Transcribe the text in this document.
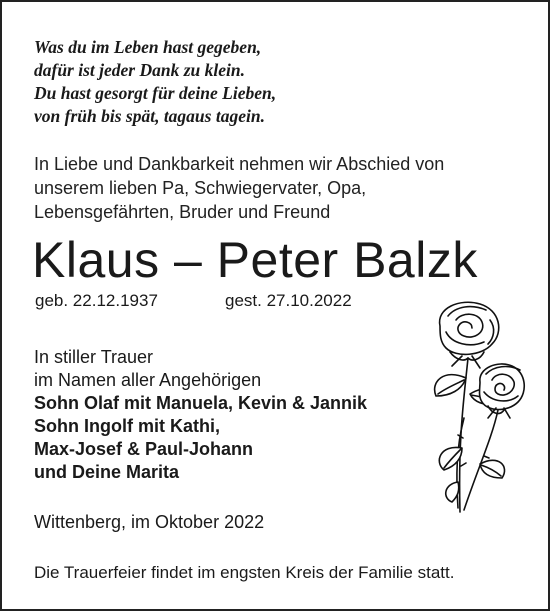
Was du im Leben hast gegeben,
dafür ist jeder Dank zu klein.
Du hast gesorgt für deine Lieben,
von früh bis spät, tagaus tagein.
In Liebe und Dankbarkeit nehmen wir Abschied von
unserem lieben Pa, Schwiegervater, Opa,
Lebensgefährten, Bruder und Freund
Klaus – Peter Balzk
geb. 22.12.1937	gest. 27.10.2022
In stiller Trauer
im Namen aller Angehörigen
Sohn Olaf mit Manuela, Kevin & Jannik
Sohn Ingolf mit Kathi,
Max-Josef & Paul-Johann
und Deine Marita
Wittenberg, im Oktober 2022
Die Trauerfeier findet im engsten Kreis der Familie statt.
